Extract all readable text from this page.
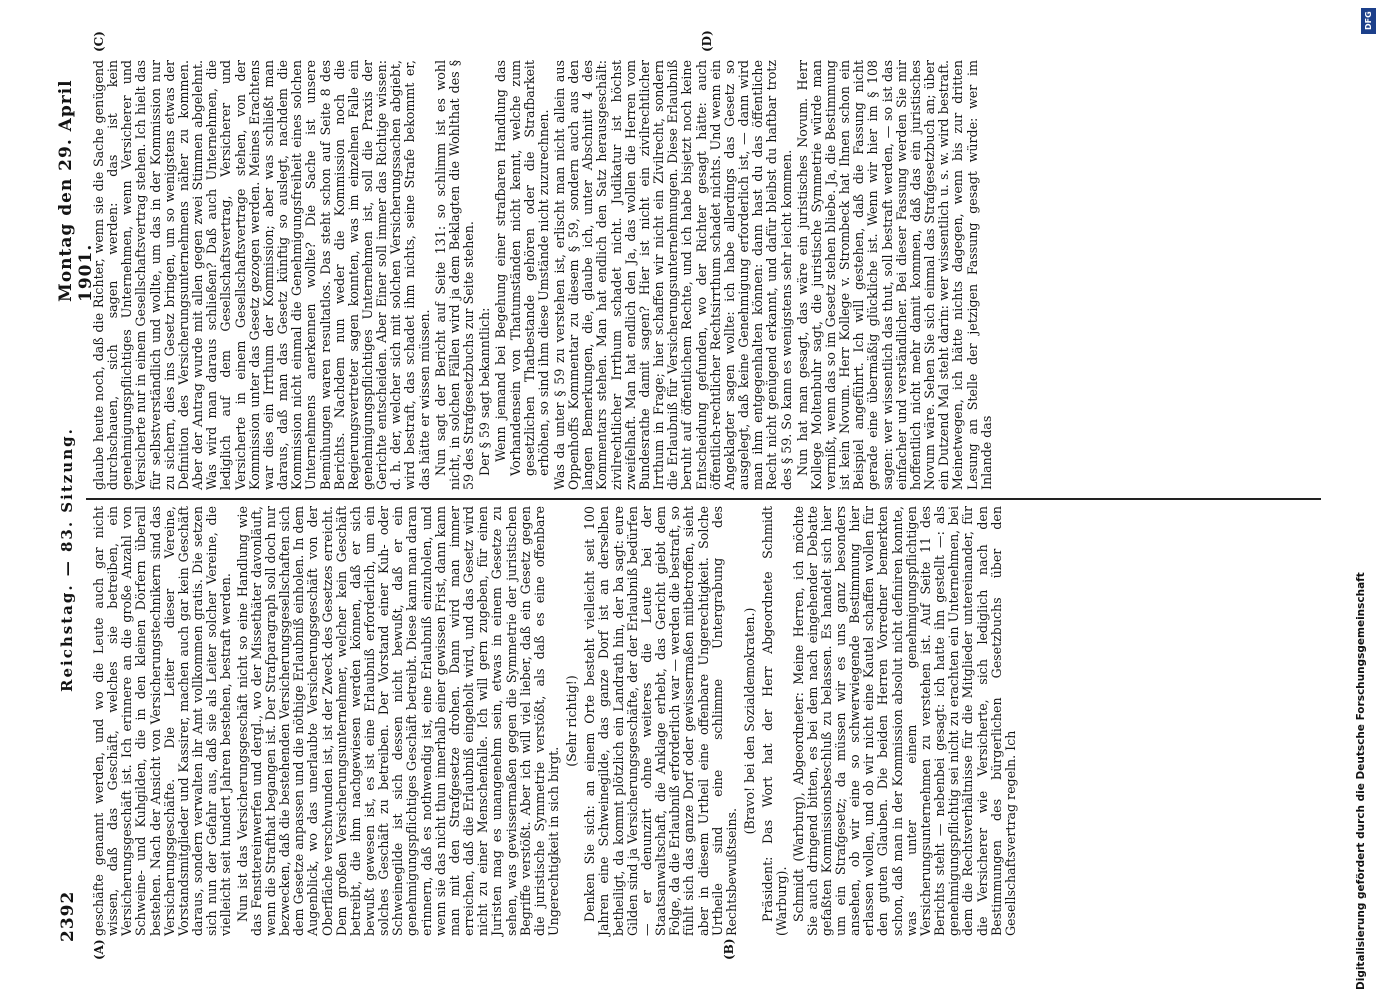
2392
Reichstag. — 83. Sitzung.
Montag den 29. April 1901.
(A)	(B)
(C)	(D)

geschäfte genannt werden, und wo die Leute auch gar nicht wissen, daß das Geschäft, welches sie betreiben, ein Versicherungsgeschäft ist. Ich erinnere an die große Anzahl von Schweine- und Kuhgilden, die in den kleinen Dörfern überall bestehen. Nach der Ansicht von Versicherungstechnikern sind das Versicherungsgeschäfte. Die Leiter dieser Vereine, Vorstandsmitglieder und Kassirer, machen auch gar kein Geschäft daraus, sondern verwalten ihr Amt vollkommen gratis. Die setzen sich nun der Gefahr aus, daß sie als Leiter solcher Vereine, die vielleicht seit hundert Jahren bestehen, bestraft werden. Nun ist das Versicherungsgeschäft nicht so eine Handlung wie das Fensttereinwerfen und dergl., wo der Missethäter davonläuft, wenn die Strafthat begangen ist. Der Strafparagraph soll doch nur bezwecken, daß die bestehenden Versicherungsgesellschaften sich dem Gesetze anpassen und die nöthige Erlaubniß einholen. In dem Augenblick, wo das unerlaubte Versicherungsgeschäft von der Oberfläche verschwunden ist, ist der Zweck des Gesetzes erreicht. Dem großen Versicherungsunternehmer, welcher kein Geschäft betreibt, die ihm nachgewiesen werden können, daß er sich bewußt gewesen ist, es ist eine Erlaubniß erforderlich, um ein solches Geschäft zu betreiben. Der Vorstand einer Kuh- oder Schweinegilde ist sich dessen nicht bewußt, daß er ein genehmigungspflichtiges Geschäft betreibt. Diese kann man daran erinnern, daß es nothwendig ist, eine Erlaubniß einzuholen, und wenn sie das nicht thun innerhalb einer gewissen Frist, dann kann man mit den Strafgesetze drohen. Dann wird man immer erreichen, daß die Erlaubniß eingeholt wird, und das Gesetz wird nicht zu einer Menschenfalle. Ich will gern zugeben, für einen Juristen mag es unangenehm sein, etwas in einem Gesetze zu sehen, was gewissermaßen gegen die Symmetrie der juristischen Begriffe verstößt. Aber ich will viel lieber, daß ein Gesetz gegen die juristische Symmetrie verstößt, als daß es eine offenbare Ungerechtigkeit in sich birgt.

(Sehr richtig!) Denken Sie sich: an einem Orte besteht vielleicht seit 100 Jahren eine Schweinegilde, das ganze Dorf ist an derselben betheiligt, da kommt plötzlich ein Landrath hin, der ba sagt: eure Gilden sind ja Versicherungsgeschäfte, der der Erlaubniß bedürfen — er denunzirt ohne weiteres die Leute bei der Staatsanwaltschaft, die Anklage erhebt, das Gericht giebt dem Folge, da die Erlaubniß erforderlich war — werden die bestraft, so fühlt sich das ganze Dorf oder gewissermaßen mitbetroffen, sieht aber in diesem Urtheil eine offenbare Ungerechtigkeit. Solche Urtheile sind eine schlimme Untergrabung des Rechtsbewußtseins.

(Bravo! bei den Sozialdemokraten.) Präsident: Das Wort hat der Herr Abgeordnete Schmidt (Warburg). Schmidt (Warburg), Abgeordneter: Meine Herren, ich möchte Sie auch dringend bitten, es bei dem nach eingehender Debatte gefaßten Kommissionsbeschluß zu belassen. Es handelt sich hier um ein Strafgesetz; da müssen wir es uns ganz besonders ansehen, ob wir eine so schwerwiegende Bestimmung hier erlassen wollen, und ob wir nicht eine Kautel schaffen wollen für den guten Glauben. Die beiden Herren Vorredner bemerkten schon, daß man in der Kommission absolut nicht definiren konnte, was unter einem genehmigungspflichtigen Versicherungsunternehmen zu verstehen ist. Auf Seite 11 des Berichts steht — nebenbei gesagt: ich hatte ihn gestellt —: als genehmigungspflichtig sei nicht zu erachten ein Unternehmen, bei dem die Rechtsverhältnisse für die Mitglieder untereinander, für die Versicherer wie Versicherte, sich lediglich nach den Bestimmungen des bürgerlichen Gesetzbuchs über den Gesellschaftsvertrag regeln. Ich

glaube heute noch, daß die Richter, wenn sie die Sache genügend durchschauen, sich sagen werden: das ist kein genehmigungspflichtiges Unternehmen, wenn Versicherer und Versicherte nur in einem Gesellschaftsvertrag stehen. Ich hielt das für selbstverständlich und wollte, um das in der Kommission nur zu sichern, dies ins Gesetz bringen, um so wenigstens etwas der Definition des Versicherungsunternehmens näher zu kommen. Aber der Antrag wurde mit allen gegen zwei Stimmen abgelehnt. Was wird man daraus schließen? Daß auch Unternehmen, die lediglich auf dem Gesellschaftsvertrag, Versicherer und Versicherte in einem Gesellschaftsvertrage stehen, von der Kommission unter das Gesetz gezogen werden. Meines Erachtens war dies ein Irrthum der Kommission; aber was schließt man daraus, daß man das Gesetz künftig so auslegt, nachdem die Kommission nicht einmal die Genehmigungsfreiheit eines solchen Unternehmens anerkennen wollte? Die Sache ist unsere Bemühungen waren resultatlos. Das steht schon auf Seite 8 des Berichts. Nachdem nun weder die Kommission noch die Regierungsvertreter sagen konnten, was im einzelnen Falle ein genehmigungspflichtiges Unternehmen ist, soll die Praxis der Gerichte entscheiden. Aber Einer soll immer das Richtige wissen: d. h. der, welcher sich mit solchen Versicherungssachen abgiebt, wird bestraft, das schadet ihm nichts, seine Strafe bekommt er, das hätte er wissen müssen. Nun sagt der Bericht auf Seite 131: so schlimm ist es wohl nicht, in solchen Fällen wird ja dem Beklagten die Wohlthat des § 59 des Strafgesetzbuchs zur Seite stehen. Der § 59 sagt bekanntlich: Wenn jemand bei Begehung einer strafbaren Handlung das Vorhandensein von Thatumständen nicht kennt, welche zum gesetzlichen Thatbestande gehören oder die Strafbarkeit erhöhen, so sind ihm diese Umstände nicht zuzurechnen. Was da unter § 59 zu verstehen ist, erlischt man nicht allein aus Oppenhoffs Kommentar zu diesem § 59, sondern auch aus den langen Bemerkungen, die, glaube ich, unter Abschnitt 4 des Kommentars stehen. Man hat endlich den Satz herausgeschält: zivilrechtlicher Irrthum schadet nicht. Judikatur ist höchst zweifelhaft. Man hat endlich den Ja, das wollen die Herren vom Bundesrathe damit sagen? Hier ist nicht ein zivilrechtlicher Irrthum in Frage; hier schaffen wir nicht ein Zivilrecht, sondern die Erlaubniß für Versicherungsunternehmungen. Diese Erlaubniß beruht auf öffentlichem Rechte, und ich habe bisjetzt noch keine Entscheidung gefunden, wo der Richter gesagt hätte: auch öffentlich-rechtlicher Rechtsirrthum schadet nichts. Und wenn ein Angeklagter sagen wollte: ich habe allerdings das Gesetz so ausgelegt, daß keine Genehmigung erforderlich ist, — dann wird man ihm entgegenhalten können: dann hast du das öffentliche Recht nicht genügend erkannt, und dafür bleibst du haftbar trotz des § 59. So kann es wenigstens sehr leicht kommen. Nun hat man gesagt, das wäre ein juristisches Novum. Herr Kollege Moltenbuhr sagt, die juristische Symmetrie würde man vermißt, wenn das so im Gesetz stehen bliebe. Ja, die Bestimmung ist kein Novum. Herr Kollege v. Strombeck hat Ihnen schon ein Beispiel angeführt. Ich will gestehen, daß die Fassung nicht gerade eine übermäßig glückliche ist. Wenn wir hier im § 108 sagen: wer wissentlich das thut, soll bestraft werden, — so ist das einfacher und verständlicher. Bei dieser Fassung werden Sie mir hoffentlich nicht mehr damit kommen, daß das ein juristisches Novum wäre. Sehen Sie sich einmal das Strafgesetzbuch an; über ein Dutzend Mal steht darin: wer wissentlich u. s. w. wird bestraft. Meinetwegen, ich hätte nichts dagegen, wenn bis zur dritten Lesung an Stelle der jetzigen Fassung gesagt würde: wer im Inlande das

DFG
Digitalisierung gefördert durch die Deutsche Forschungsgemeinschaft
